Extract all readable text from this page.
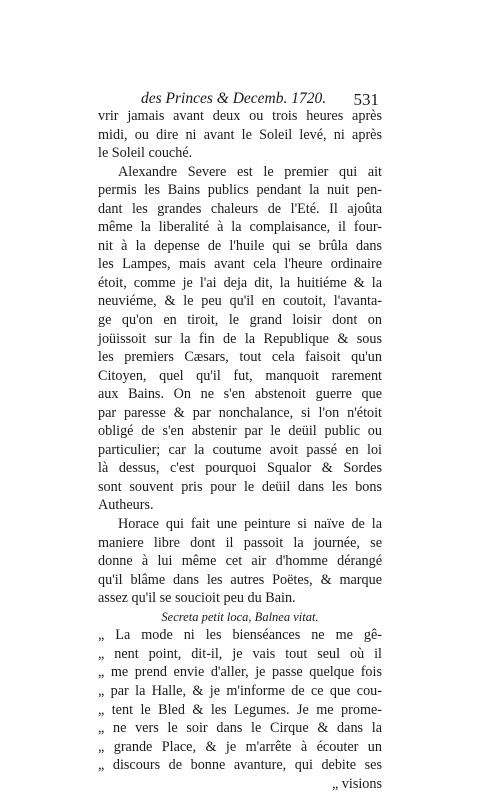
des Princes & Decemb. 1720. 531
vrir jamais avant deux ou trois heures après
midi, ou dire ni avant le Soleil levé, ni après
le Soleil couché.
Alexandre Severe est le premier qui ait
permis les Bains publics pendant la nuit pen-
dant les grandes chaleurs de l'Eté. Il ajoûta
même la liberalité à la complaisance, il four-
nit à la depense de l'huile qui se brûla dans
les Lampes, mais avant cela l'heure ordinaire
étoit, comme je l'ai deja dit, la huitiéme & la
neuviéme, & le peu qu'il en coutoit, l'avanta-
ge qu'on en tiroit, le grand loisir dont on
joüissoit sur la fin de la Republique & sous
les premiers Cæsars, tout cela faisoit qu'un
Citoyen, quel qu'il fut, manquoit rarement
aux Bains. On ne s'en abstenoit guerre que
par paresse & par nonchalance, si l'on n'étoit
obligé de s'en abstenir par le deüil public ou
particulier; car la coutume avoit passé en loi
là dessus, c'est pourquoi Squalor & Sordes
sont souvent pris pour le deüil dans les bons
Autheurs.
Horace qui fait une peinture si naïve de la
maniere libre dont il passoit la journée, se
donne à lui même cet air d'homme dérangé
qu'il blâme dans les autres Poëtes, & marque
assez qu'il se soucioit peu du Bain.
Secreta petit loca, Balnea vitat.
„ La mode ni les bienséances ne me gê-
„ nent point, dit-il, je vais tout seul où il
„ me prend envie d'aller, je passe quelque fois
„ par la Halle, & je m'informe de ce que cou-
„ tent le Bled & les Legumes. Je me prome-
„ ne vers le soir dans le Cirque & dans la
„ grande Place, & je m'arrête à écouter un
„ discours de bonne avanture, qui debite ses
„ visions
